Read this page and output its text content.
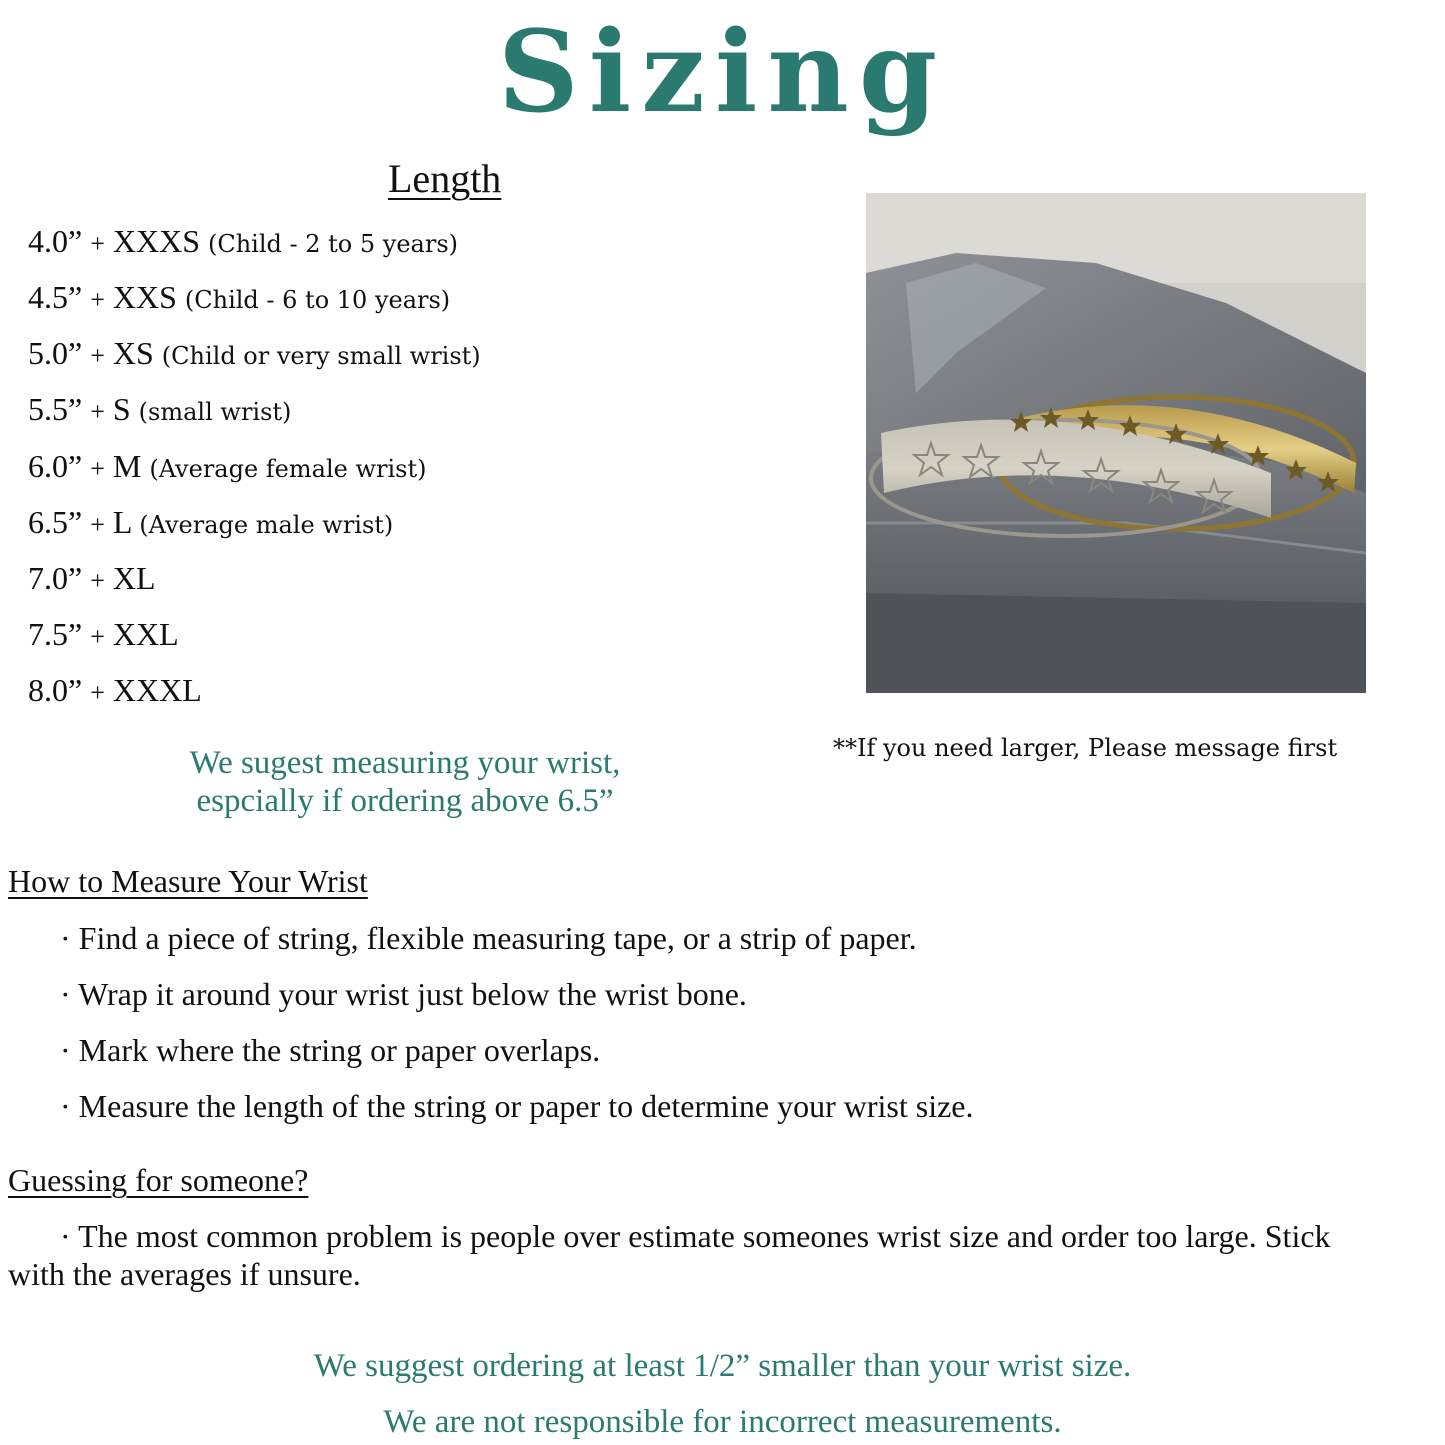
Sizing
Length
4.0” + XXXS (Child - 2 to 5 years)
4.5” + XXS (Child - 6 to 10 years)
5.0” + XS (Child or very small wrist)
5.5” + S (small wrist)
6.0” + M (Average female wrist)
6.5” + L (Average male wrist)
7.0” + XL
7.5” + XXL
8.0” + XXXL
We sugest measuring your wrist,
espcially if ordering above 6.5”
**If you need larger, Please message first
How to Measure Your Wrist
· Find a piece of string, flexible measuring tape, or a strip of paper.
· Wrap it around your wrist just below the wrist bone.
· Mark where the string or paper overlaps.
· Measure the length of the string or paper to determine your wrist size.
Guessing for someone?
· The most common problem is people over estimate someones wrist size and order too large. Stick with the averages if unsure.
We suggest ordering at least 1/2” smaller than your wrist size.
We are not responsible for incorrect measurements.
